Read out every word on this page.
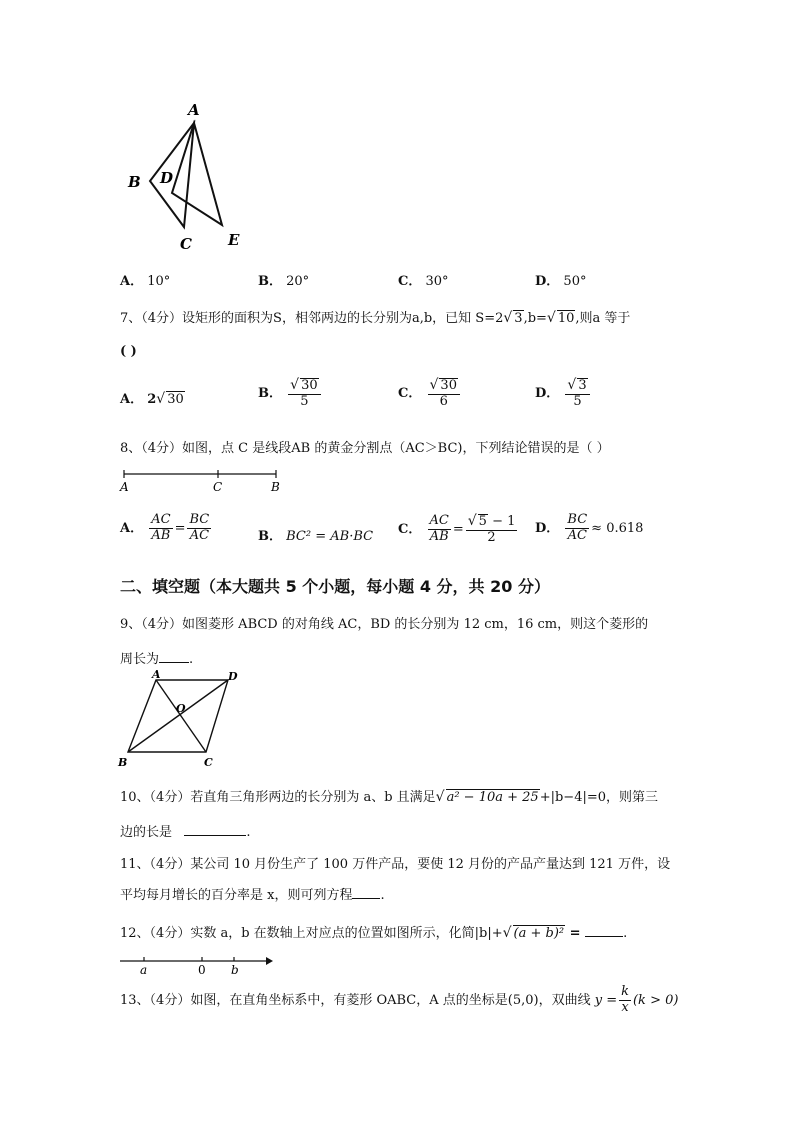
A
B D
C E
A． 10°	B． 20°	C． 30°	D． 50°
7、（4分）设矩形的面积为S，相邻两边的长分别为a,b，已知 S=2√ 3,b=√ 10,则a 等于
( )
A． 2√ 30	B． $\frac{√ 30}{5}$	C． $\frac{√ 30}{6}$	D． $\frac{√ 3}{5}$
8、（4分）如图，点 C 是线段AB 的黄金分割点（AC＞BC)，下列结论错误的是（ ）
A	C	B
A． $\frac{AC}{AB} = \frac{BC}{AC}$	B． BC² = AB·BC C． $\frac{AC}{AB} = \frac{√ 5 - 1}{2}$ D． $\frac{BC}{AC} \approx 0.618$
二、填空题（本大题共 5 个小题，每小题 4 分，共 20 分）
9、（4分）如图菱形 ABCD 的对角线 AC，BD 的长分别为 12 cm，16 cm，则这个菱形的
周长为 .
A	D
O
B	C
10、（4分）若直角三角形两边的长分别为 a、b 且满足√ a² − 10a + 25+|b−4|=0，则第三
边的长是	.
11、（4分）某公司 10 月份生产了 100 万件产品，要使 12 月份的产品产量达到 121 万件，设
平均每月增长的百分率是 x，则可列方程 .
12、（4分）实数 a，b 在数轴上对应点的位置如图所示，化简|b|+√ (a + b)² =	.
a	0 b
13、（4分）如图，在直角坐标系中，有菱形 OABC，A 点的坐标是(5,0)，双曲线 $y = \frac{k}{x} (k > 0)$
